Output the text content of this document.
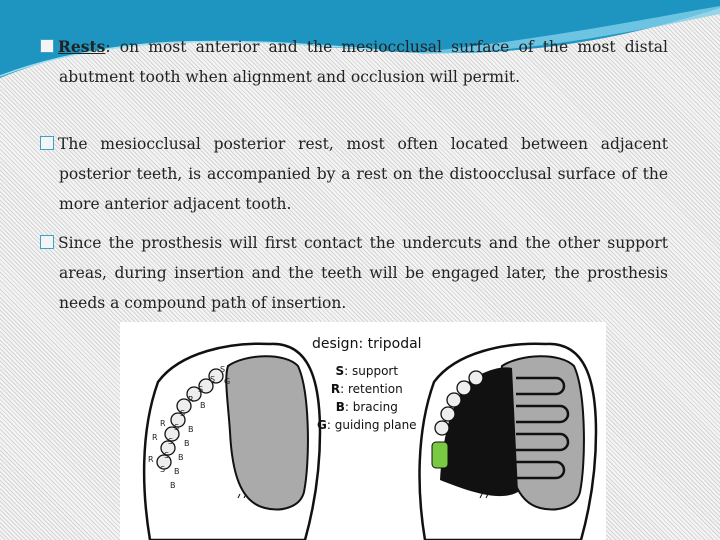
Rests: on most anterior and the mesiocclusal surface of the most distal abutment tooth when alignment and occlusion will permit.
The mesiocclusal posterior rest, most often located between adjacent posterior teeth, is accompanied by a rest on the distoocclusal surface of the more anterior adjacent tooth.
Since the prosthesis will first contact the undercuts and the other support areas, during insertion and the teeth will be engaged later, the prosthesis needs a compound path of insertion.
S
S G
S
R
B
S
S
R
B
B
S
R
S B
S B
R
B
design: tripodal
S: support
R: retention
B: bracing
G: guiding plane
